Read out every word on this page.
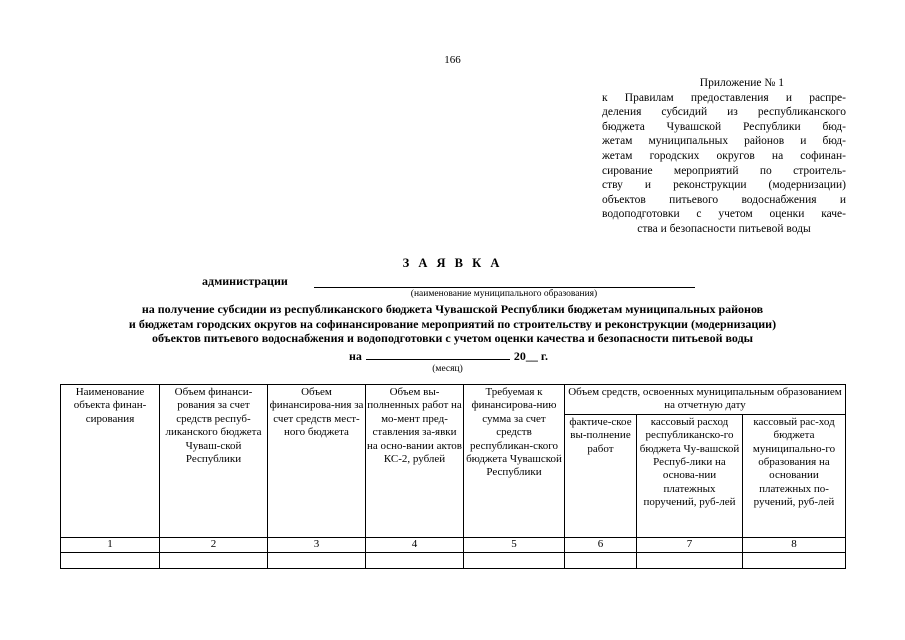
166
Приложение № 1
к Правилам предоставления и распре-
деления субсидий из республиканского
бюджета Чувашской Республики бюд-
жетам муниципальных районов и бюд-
жетам городских округов на софинан-
сирование мероприятий по строитель-
ству и реконструкции (модернизации)
объектов питьевого водоснабжения и
водоподготовки с учетом оценки каче-
ства и безопасности питьевой воды
З А Я В К А
администрации
(наименование муниципального образования)
на получение субсидии из республиканского бюджета Чувашской Республики бюджетам муниципальных районов
и бюджетам городских округов на софинансирование мероприятий по строительству и реконструкции (модернизации)
объектов питьевого водоснабжения и водоподготовки с учетом оценки качества и безопасности питьевой воды
на	20__ г.
(месяц)
Наименование объекта финан-сирования	Объем финанси-рования за счет средств респуб-ликанского бюджета Чуваш-ской Республики	Объем финансирова-ния за счет средств мест-ного бюджета	Объем вы-полненных работ на мо-мент пред-ставления за-явки на осно-вании актов КС-2, рублей	Требуемая к финансирова-нию сумма за счет средств республикан-ского бюджета Чувашской Республики	Объем средств, освоенных муниципальным образованием на отчетную дату		
					фактиче-ское вы-полнение работ	кассовый расход республиканско-го бюджета Чу-вашской Респуб-лики на основа-нии платежных поручений, руб-лей	кассовый рас-ход бюджета муниципально-го образования на основании платежных по-ручений, руб-лей
1	2	3	4	5	6	7	8
